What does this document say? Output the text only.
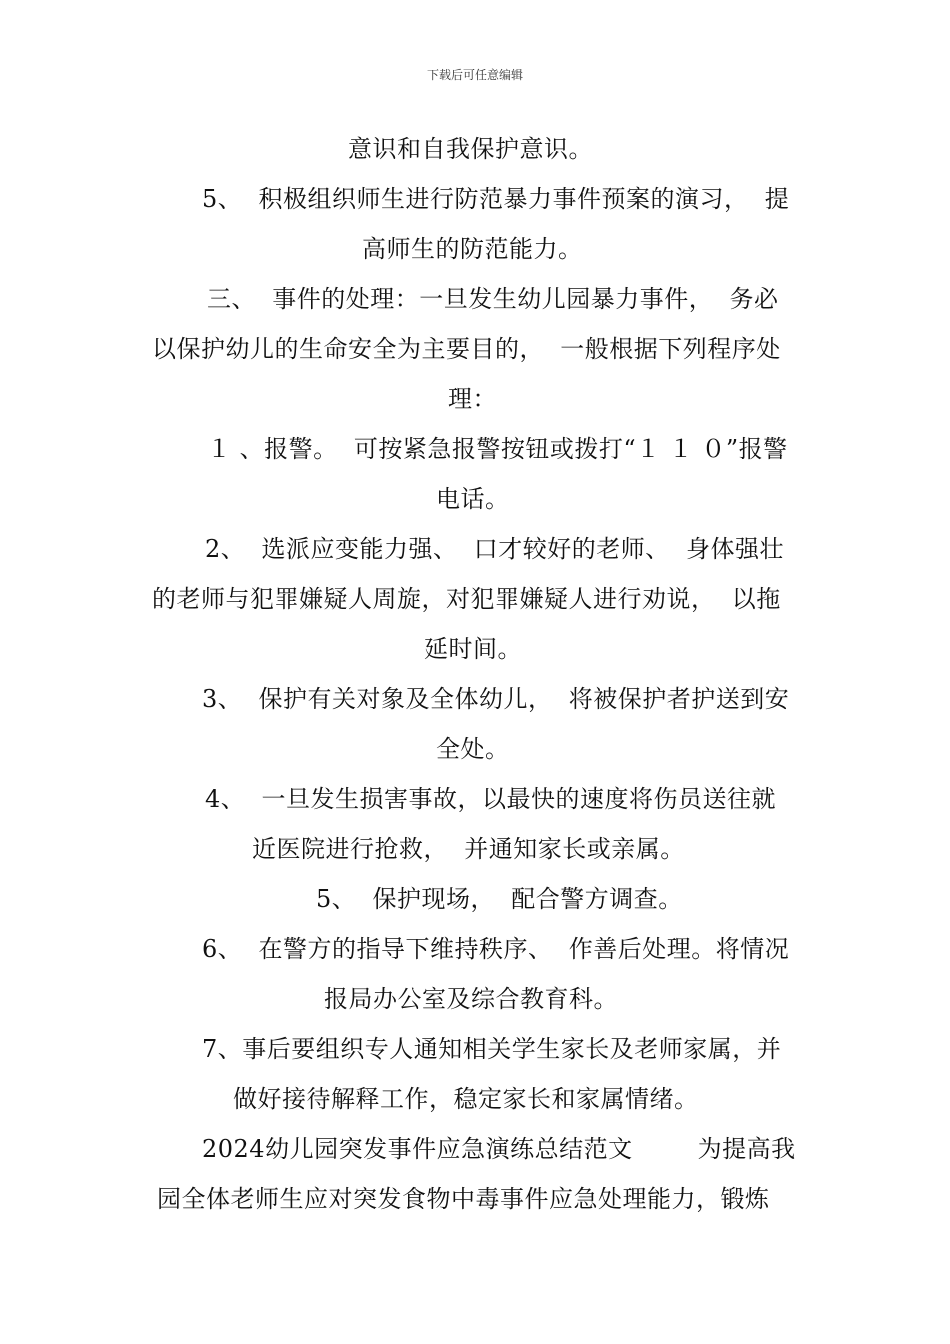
下载后可任意编辑
意识和自我保护意识。
5、  积极组织师生进行防范暴力事件预案的演习，  提
高师生的防范能力。
三、  事件的处理：一旦发生幼儿园暴力事件，  务必
以保护幼儿的生命安全为主要目的，  一般根据下列程序处
理：
１ 、报警。  可按紧急报警按钮或拨打“１ １ ０”报警
电话。
2、  选派应变能力强、  口才较好的老师、  身体强壮
的老师与犯罪嫌疑人周旋，对犯罪嫌疑人进行劝说，  以拖
延时间。
3、  保护有关对象及全体幼儿，  将被保护者护送到安
全处。
4、  一旦发生损害事故，以最快的速度将伤员送往就
近医院进行抢救，  并通知家长或亲属。
5、  保护现场，  配合警方调查。
6、  在警方的指导下维持秩序、  作善后处理。将情况
报局办公室及综合教育科。
7、事后要组织专人通知相关学生家长及老师家属，并
做好接待解释工作，稳定家长和家属情绪。
2024幼儿园突发事件应急演练总结范文        为提高我
园全体老师生应对突发食物中毒事件应急处理能力，锻炼
